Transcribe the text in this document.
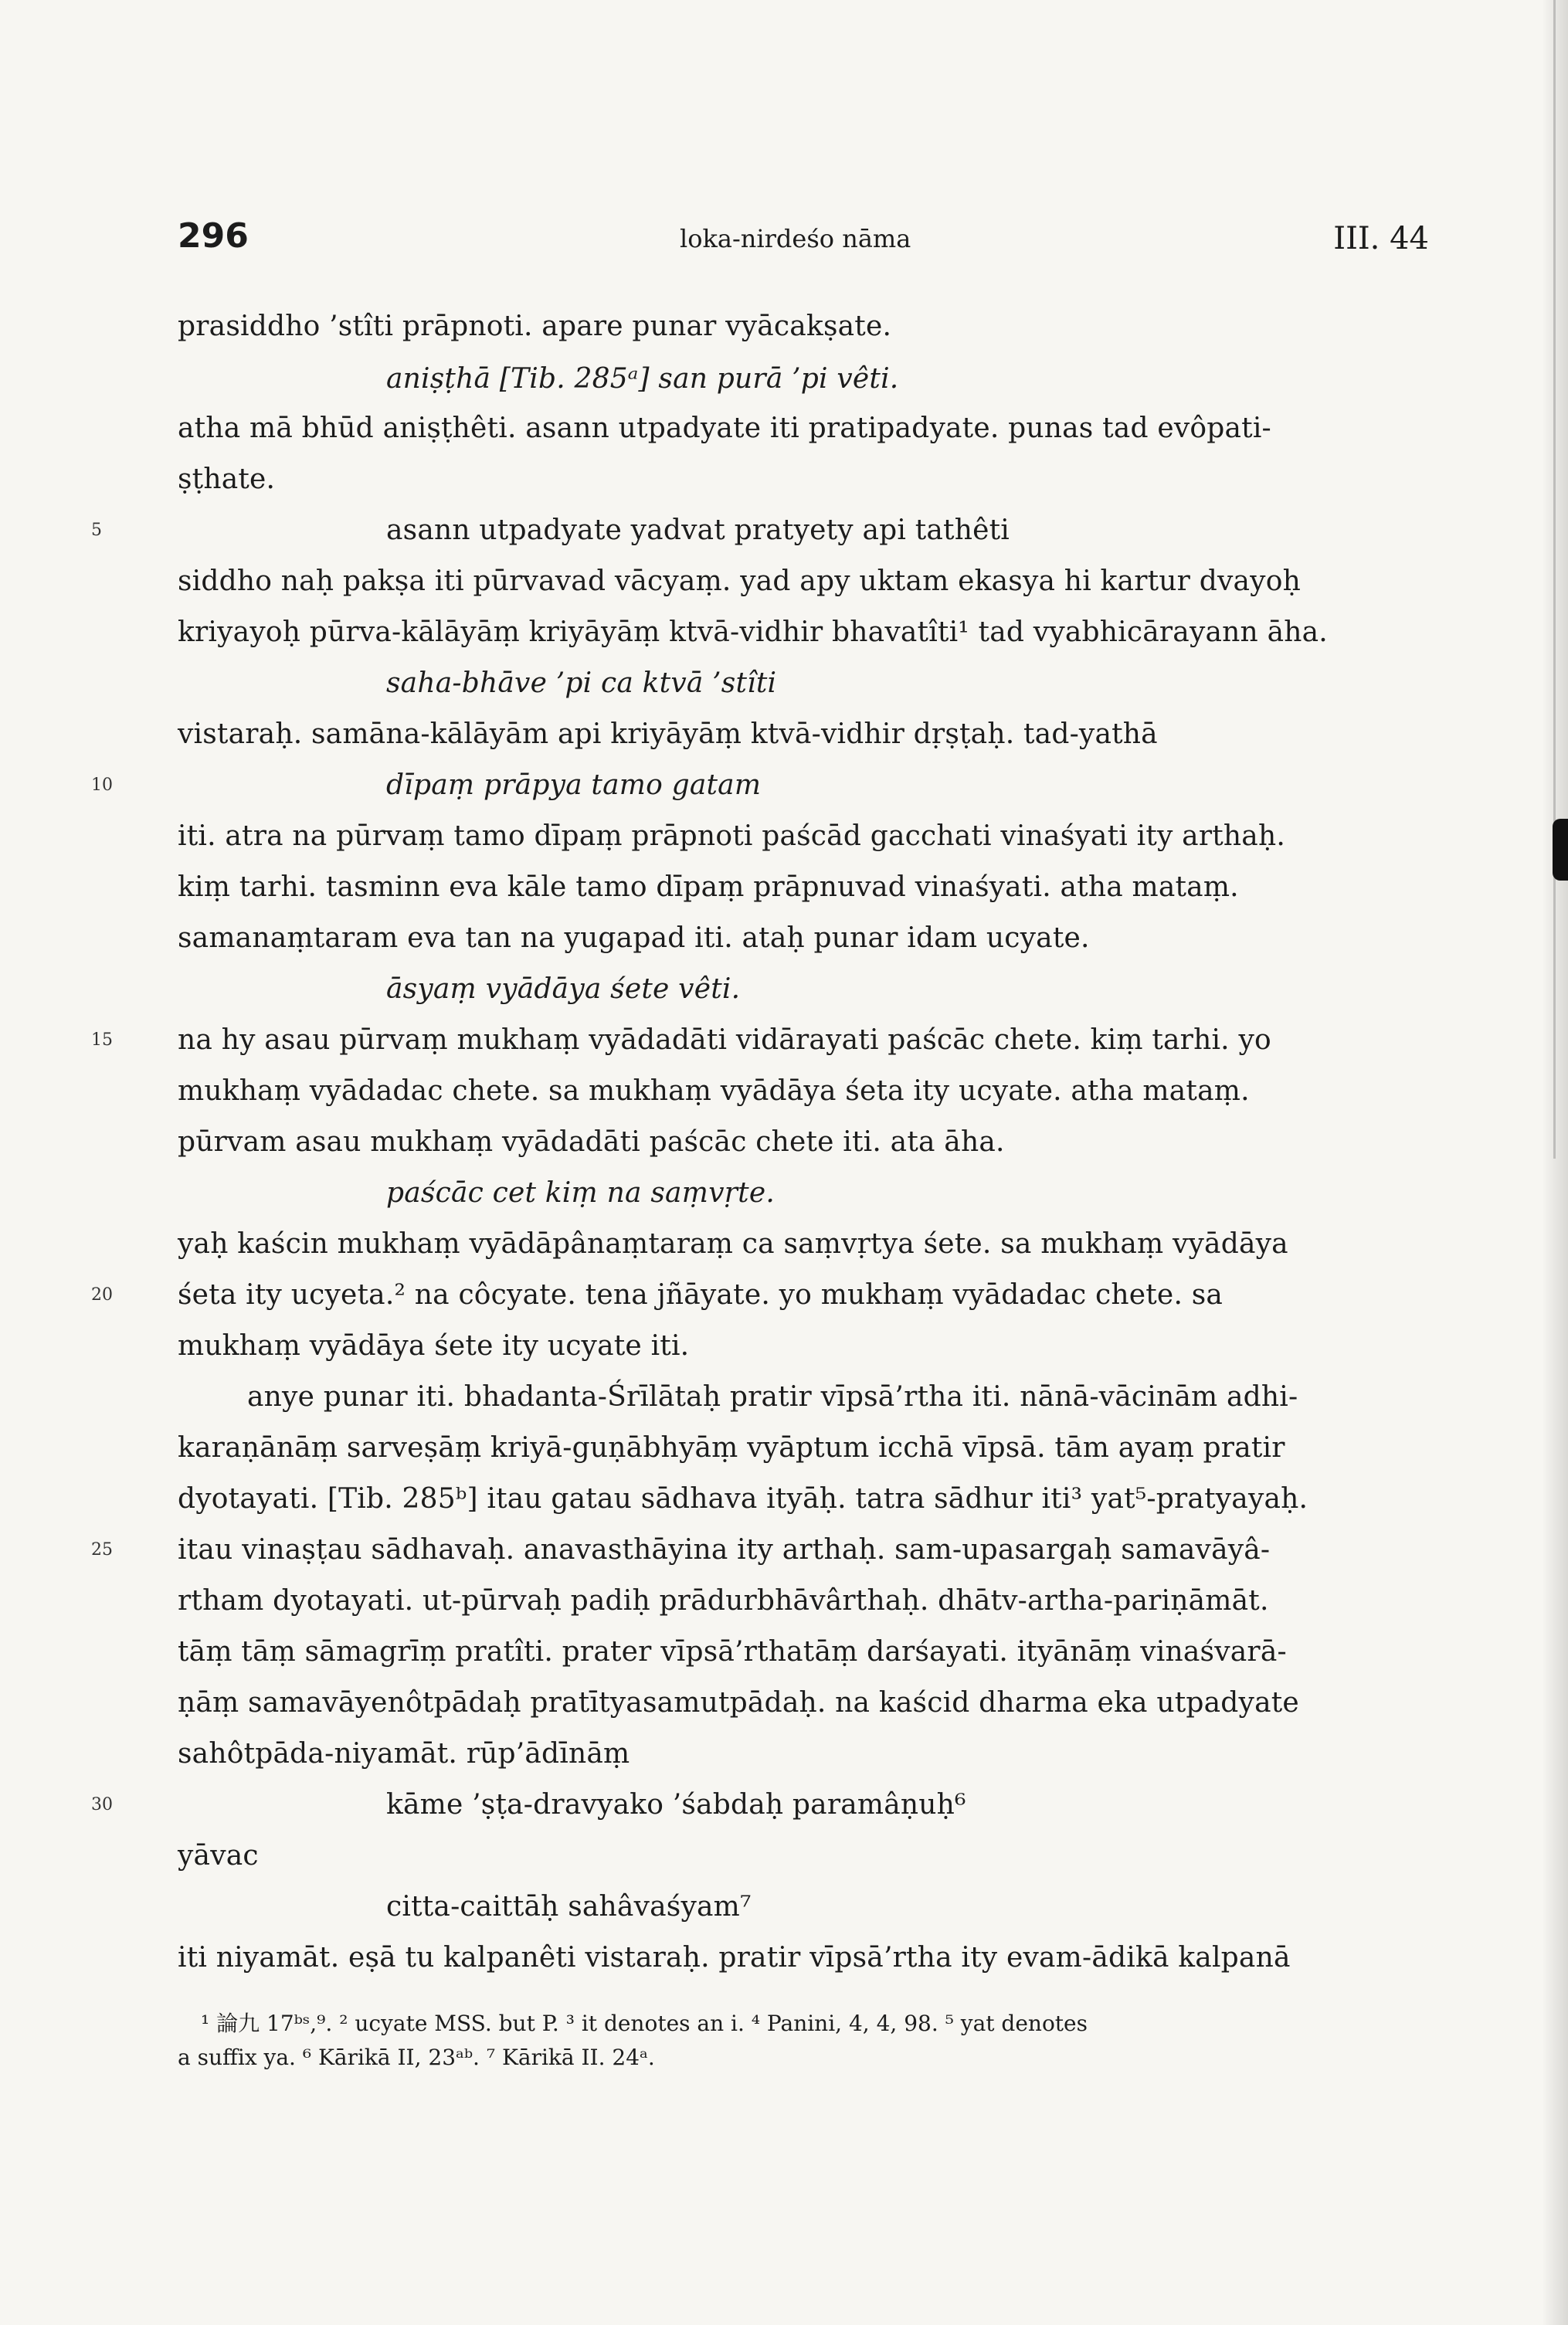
296	loka-nirdeśo nāma	III. 44
prasiddho ’stîti prāpnoti. apare punar vyācakṣate.
aniṣṭhā [Tib. 285ᵃ] san purā ’pi vêti.
atha mā bhūd aniṣṭhêti. asann utpadyate iti pratipadyate. punas tad evôpati-
ṣṭhate.
asann utpadyate yadvat pratyety api tathêti
siddho naḥ pakṣa iti pūrvavad vācyaṃ. yad apy uktam ekasya hi kartur dvayoḥ
kriyayoḥ pūrva-kālāyāṃ kriyāyāṃ ktvā-vidhir bhavatîti¹ tad vyabhicārayann āha.
saha-bhāve ’pi ca ktvā ’stîti
vistaraḥ. samāna-kālāyām api kriyāyāṃ ktvā-vidhir dṛṣṭaḥ. tad-yathā
dīpaṃ prāpya tamo gatam
iti. atra na pūrvaṃ tamo dīpaṃ prāpnoti paścād gacchati vinaśyati ity arthaḥ.
kiṃ tarhi. tasminn eva kāle tamo dīpaṃ prāpnuvad vinaśyati. atha mataṃ.
samanaṃtaram eva tan na yugapad iti. ataḥ punar idam ucyate.
āsyaṃ vyādāya śete vêti.
na hy asau pūrvaṃ mukhaṃ vyādadāti vidārayati paścāc chete. kiṃ tarhi. yo
mukhaṃ vyādadac chete. sa mukhaṃ vyādāya śeta ity ucyate. atha mataṃ.
pūrvam asau mukhaṃ vyādadāti paścāc chete iti. ata āha.
paścāc cet kiṃ na saṃvṛte.
yaḥ kaścin mukhaṃ vyādāpânaṃtaraṃ ca saṃvṛtya śete. sa mukhaṃ vyādāya
śeta ity ucyeta.² na côcyate. tena jñāyate. yo mukhaṃ vyādadac chete. sa
mukhaṃ vyādāya śete ity ucyate iti.
anye punar iti. bhadanta-Śrīlātaḥ pratir vīpsā’rtha iti. nānā-vācinām adhi-
karaṇānāṃ sarveṣāṃ kriyā-guṇābhyāṃ vyāptum icchā vīpsā. tām ayaṃ pratir
dyotayati. [Tib. 285ᵇ] itau gatau sādhava ityāḥ. tatra sādhur iti³ yat⁵-pratyayaḥ.
itau vinaṣṭau sādhavaḥ. anavasthāyina ity arthaḥ. sam-upasargaḥ samavāyâ-
rtham dyotayati. ut-pūrvaḥ padiḥ prādurbhāvârthaḥ. dhātv-artha-pariṇāmāt.
tāṃ tāṃ sāmagrīṃ pratîti. prater vīpsā’rthatāṃ darśayati. ityānāṃ vinaśvarā-
ṇāṃ samavāyenôtpādaḥ pratītyasamutpādaḥ. na kaścid dharma eka utpadyate
sahôtpāda-niyamāt. rūp’ādīnāṃ
kāme ’ṣṭa-dravyako ’śabdaḥ paramâṇuḥ⁶
yāvac
citta-caittāḥ sahâvaśyam⁷
iti niyamāt. eṣā tu kalpanêti vistaraḥ. pratir vīpsā’rtha ity evam-ādikā kalpanā
5
10
15
20
25
30
¹ 論九 17ᵇˢ,⁹. ² ucyate MSS. but P. ³ it denotes an i. ⁴ Panini, 4, 4, 98. ⁵ yat denotes
a suffix ya. ⁶ Kārikā II, 23ᵃᵇ. ⁷ Kārikā II. 24ᵃ.
